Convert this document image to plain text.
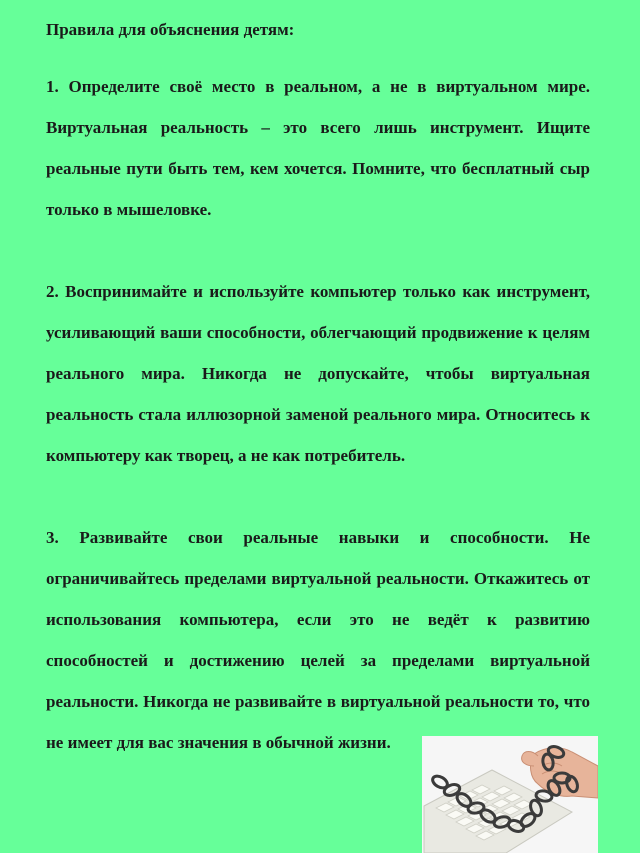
Правила для объяснения детям:

1. Определите своё место в реальном, а не в виртуальном мире. Виртуальная реальность – это всего лишь инструмент. Ищите реальные пути быть тем, кем хочется. Помните, что бесплатный сыр только в мышеловке.

2. Воспринимайте и используйте компьютер только как инструмент, усиливающий ваши способности, облегчающий продвижение к целям реального мира. Никогда не допускайте, чтобы виртуальная реальность стала иллюзорной заменой реального мира. Относитесь к компьютеру как творец, а не как потребитель.

3. Развивайте свои реальные навыки и способности. Не ограничивайтесь пределами виртуальной реальности. Откажитесь от использования компьютера, если это не ведёт к развитию способностей и достижению целей за пределами виртуальной реальности. Никогда не развивайте в виртуальной реальности то, что не имеет для вас значения в обычной жизни.
